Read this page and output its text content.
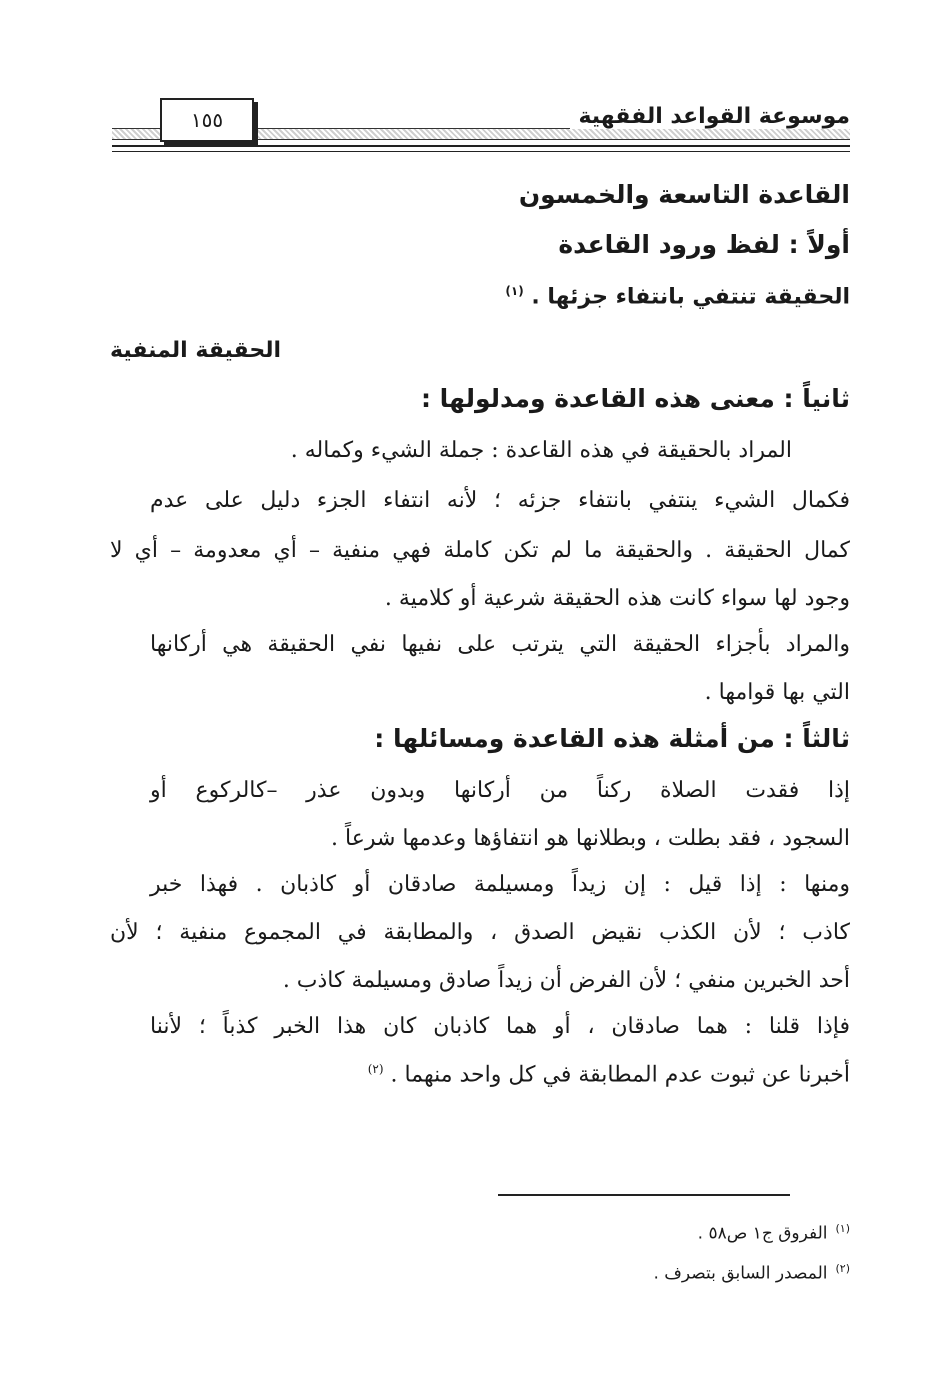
١٥٥	موسوعة القواعد الفقهية
القاعدة التاسعة والخمسون
أولاً : لفظ ورود القاعدة
الحقيقة تنتفي بانتفاء جزئها . $^{(١)}$
الحقيقة المنفية
ثانياً : معنى هذه القاعدة ومدلولها :
المراد بالحقيقة في هذه القاعدة : جملة الشيء وكماله .
فكمال الشيء ينتفي بانتفاء جزئه ؛ لأنه انتفاء الجزء دليل على عدم
كمال الحقيقة . والحقيقة ما لم تكن كاملة فهي منفية – أي معدومة – أي لا
وجود لها سواء كانت هذه الحقيقة شرعية أو كلامية .
والمراد بأجزاء الحقيقة التي يترتب على نفيها نفي الحقيقة هي أركانها
التي بها قوامها .
ثالثاً : من أمثلة هذه القاعدة ومسائلها :
إذا فقدت الصلاة ركناً من أركانها وبدون عذر –كالركوع أو
السجود ، فقد بطلت ، وبطلانها هو انتفاؤها وعدمها شرعاً .
ومنها : إذا قيل : إن زيداً ومسيلمة صادقان أو كاذبان . فهذا خبر
كاذب ؛ لأن الكذب نقيض الصدق ، والمطابقة في المجموع منفية ؛ لأن
أحد الخبرين منفي ؛ لأن الفرض أن زيداً صادق ومسيلمة كاذب .
فإذا قلنا : هما صادقان ، أو هما كاذبان كان هذا الخبر كذباً ؛ لأننا
أخبرنا عن ثبوت عدم المطابقة في كل واحد منهما . $^{(٢)}$
$^{(١)}$الفروق ج١ ص٥٨ .
$^{(٢)}$المصدر السابق بتصرف .
